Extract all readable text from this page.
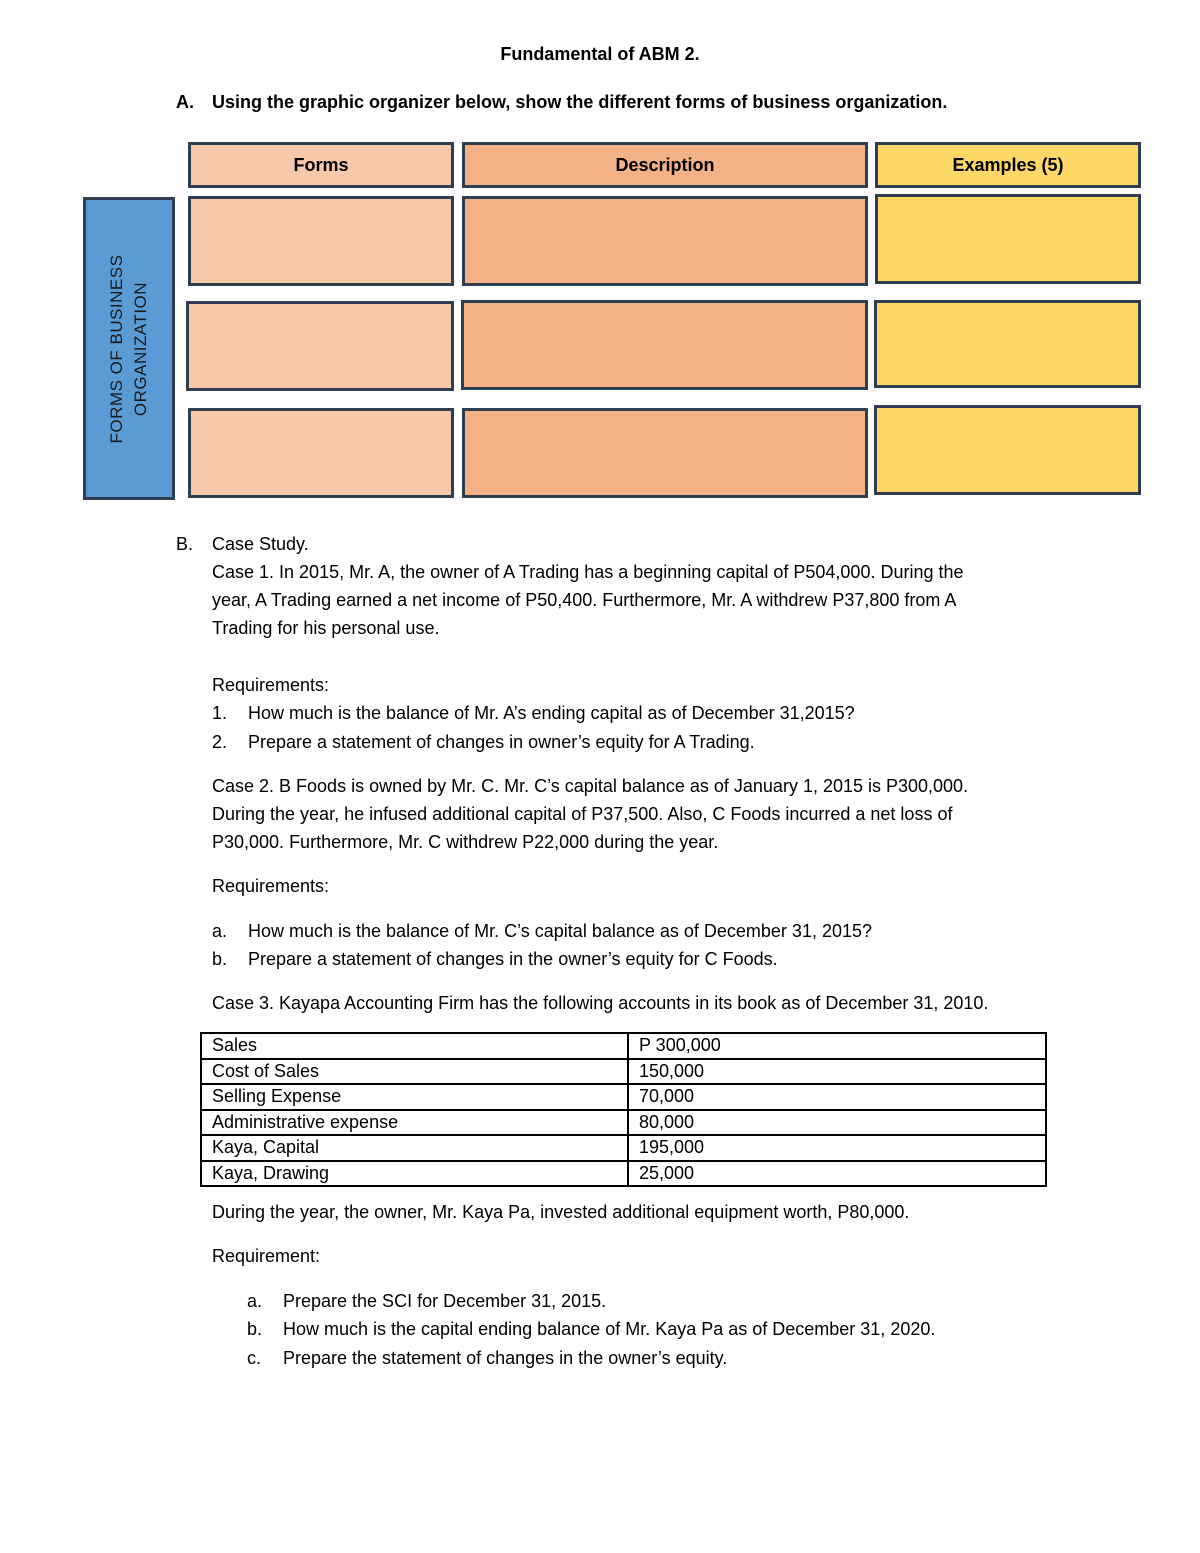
Fundamental of ABM 2.
A. Using the graphic organizer below, show the different forms of business organization.
Forms	Description	Examples (5)
FORMS OF BUSINESS ORGANIZATION
B. Case Study.
Case 1. In 2015, Mr. A, the owner of A Trading has a beginning capital of P504,000. During the
year, A Trading earned a net income of P50,400. Furthermore, Mr. A withdrew P37,800 from A
Trading for his personal use.
Requirements:
1. How much is the balance of Mr. A’s ending capital as of December 31,2015?
2. Prepare a statement of changes in owner’s equity for A Trading.
Case 2. B Foods is owned by Mr. C. Mr. C’s capital balance as of January 1, 2015 is P300,000.
During the year, he infused additional capital of P37,500. Also, C Foods incurred a net loss of
P30,000. Furthermore, Mr. C withdrew P22,000 during the year.
Requirements:
a. How much is the balance of Mr. C’s capital balance as of December 31, 2015?
b. Prepare a statement of changes in the owner’s equity for C Foods.
Case 3. Kayapa Accounting Firm has the following accounts in its book as of December 31, 2010.
Sales	P 300,000
Cost of Sales	150,000
Selling Expense	70,000
Administrative expense	80,000
Kaya, Capital	195,000
Kaya, Drawing	25,000
During the year, the owner, Mr. Kaya Pa, invested additional equipment worth, P80,000.
Requirement:
a. Prepare the SCI for December 31, 2015.
b. How much is the capital ending balance of Mr. Kaya Pa as of December 31, 2020.
c. Prepare the statement of changes in the owner’s equity.
